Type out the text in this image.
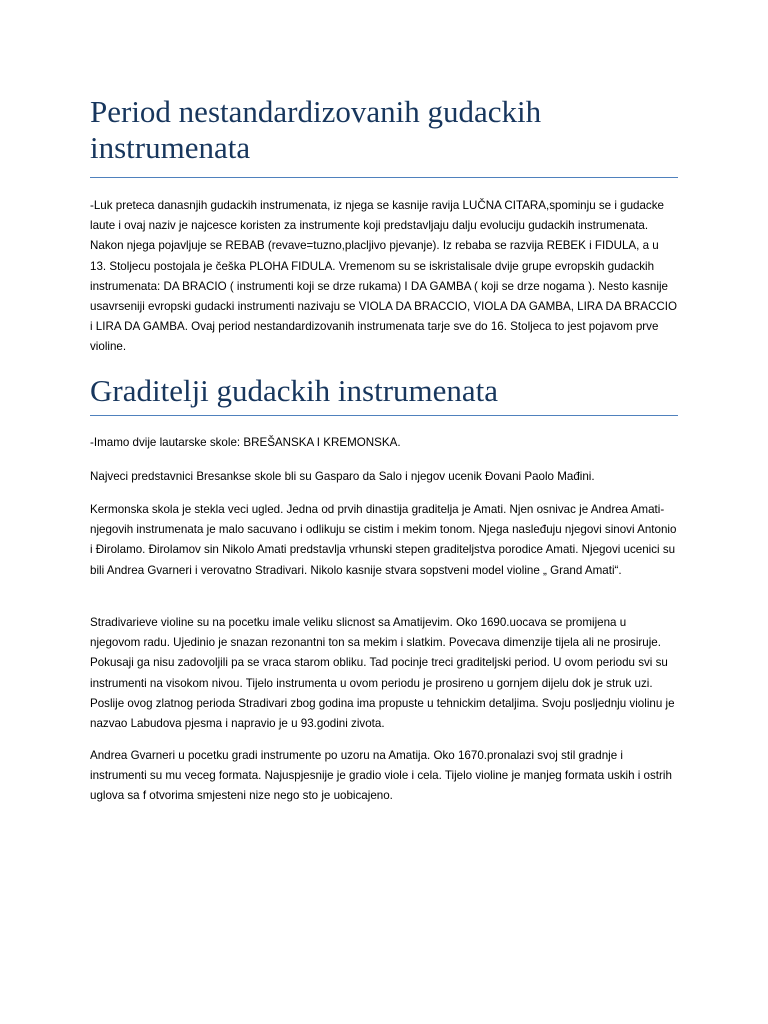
Period nestandardizovanih gudackih instrumenata

-Luk preteca danasnjih gudackih instrumenata, iz njega se kasnije ravija LUČNA CITARA,spominju se i gudacke laute i ovaj naziv je najcesce koristen za instrumente koji predstavljaju dalju evoluciju gudackih instrumenata. Nakon njega pojavljuje se REBAB (revave=tuzno,placljivo pjevanje). Iz rebaba se razvija REBEK i FIDULA, a u 13. Stoljecu postojala je češka PLOHA FIDULA. Vremenom su se iskristalisale dvije grupe evropskih gudackih instrumenata: DA BRACIO ( instrumenti koji se drze rukama) I DA GAMBA ( koji se drze nogama ). Nesto kasnije usavrseniji evropski gudacki instrumenti nazivaju se VIOLA DA BRACCIO, VIOLA DA GAMBA, LIRA DA BRACCIO i LIRA DA GAMBA. Ovaj period nestandardizovanih instrumenata tarje sve do 16. Stoljeca to jest pojavom prve violine.

Graditelji gudackih instrumenata

-Imamo dvije lautarske skole: BREŠANSKA I KREMONSKA.

Najveci predstavnici Bresankse skole bli su Gasparo da Salo i njegov ucenik Đovani Paolo Mađini.

Kermonska skola je stekla veci ugled. Jedna od prvih dinastija graditelja je Amati. Njen osnivac je Andrea Amati-njegovih instrumenata je malo sacuvano i odlikuju se cistim i mekim tonom. Njega nasleđuju njegovi sinovi Antonio i Đirolamo. Đirolamov sin Nikolo Amati predstavlja vrhunski stepen graditeljstva porodice Amati. Njegovi ucenici su bili Andrea Gvarneri i verovatno Stradivari. Nikolo kasnije stvara sopstveni model violine „ Grand Amati“.

Stradivarieve violine su na pocetku imale veliku slicnost sa Amatijevim. Oko 1690.uocava se promijena u njegovom radu. Ujedinio je snazan rezonantni ton sa mekim i slatkim. Povecava dimenzije tijela ali ne prosiruje. Pokusaji ga nisu zadovoljili pa se vraca starom obliku. Tad pocinje treci graditeljski period. U ovom periodu svi su instrumenti na visokom nivou. Tijelo instrumenta u ovom periodu je prosireno u gornjem dijelu dok je struk uzi. Poslije ovog zlatnog perioda Stradivari zbog godina ima propuste u tehnickim detaljima. Svoju posljednju violinu je nazvao Labudova pjesma i napravio je u 93.godini zivota.

Andrea Gvarneri u pocetku gradi instrumente po uzoru na Amatija. Oko 1670.pronalazi svoj stil gradnje i instrumenti su mu veceg formata. Najuspjesnije je gradio viole i cela. Tijelo violine je manjeg formata uskih i ostrih uglova sa f otvorima smjesteni nize nego sto je uobicajeno.
